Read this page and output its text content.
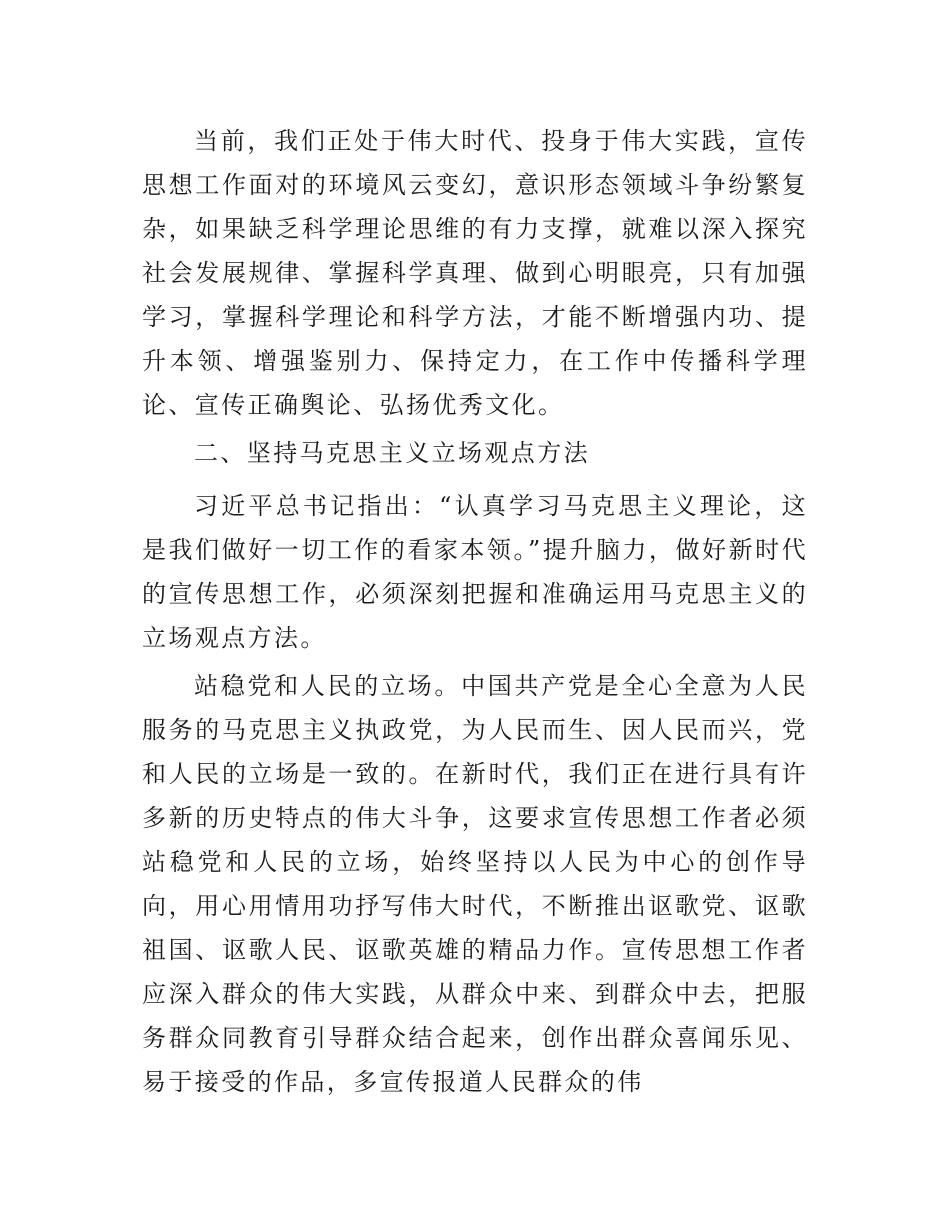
当前，我们正处于伟大时代、投身于伟大实践，宣传思想工作面对的环境风云变幻，意识形态领域斗争纷繁复杂，如果缺乏科学理论思维的有力支撑，就难以深入探究社会发展规律、掌握科学真理、做到心明眼亮，只有加强学习，掌握科学理论和科学方法，才能不断增强内功、提升本领、增强鉴别力、保持定力，在工作中传播科学理论、宣传正确舆论、弘扬优秀文化。

二、坚持马克思主义立场观点方法

习近平总书记指出：“认真学习马克思主义理论，这是我们做好一切工作的看家本领。”提升脑力，做好新时代的宣传思想工作，必须深刻把握和准确运用马克思主义的立场观点方法。

站稳党和人民的立场。中国共产党是全心全意为人民服务的马克思主义执政党，为人民而生、因人民而兴，党和人民的立场是一致的。在新时代，我们正在进行具有许多新的历史特点的伟大斗争，这要求宣传思想工作者必须站稳党和人民的立场，始终坚持以人民为中心的创作导向，用心用情用功抒写伟大时代，不断推出讴歌党、讴歌祖国、讴歌人民、讴歌英雄的精品力作。宣传思想工作者应深入群众的伟大实践，从群众中来、到群众中去，把服务群众同教育引导群众结合起来，创作出群众喜闻乐见、易于接受的作品，多宣传报道人民群众的伟
